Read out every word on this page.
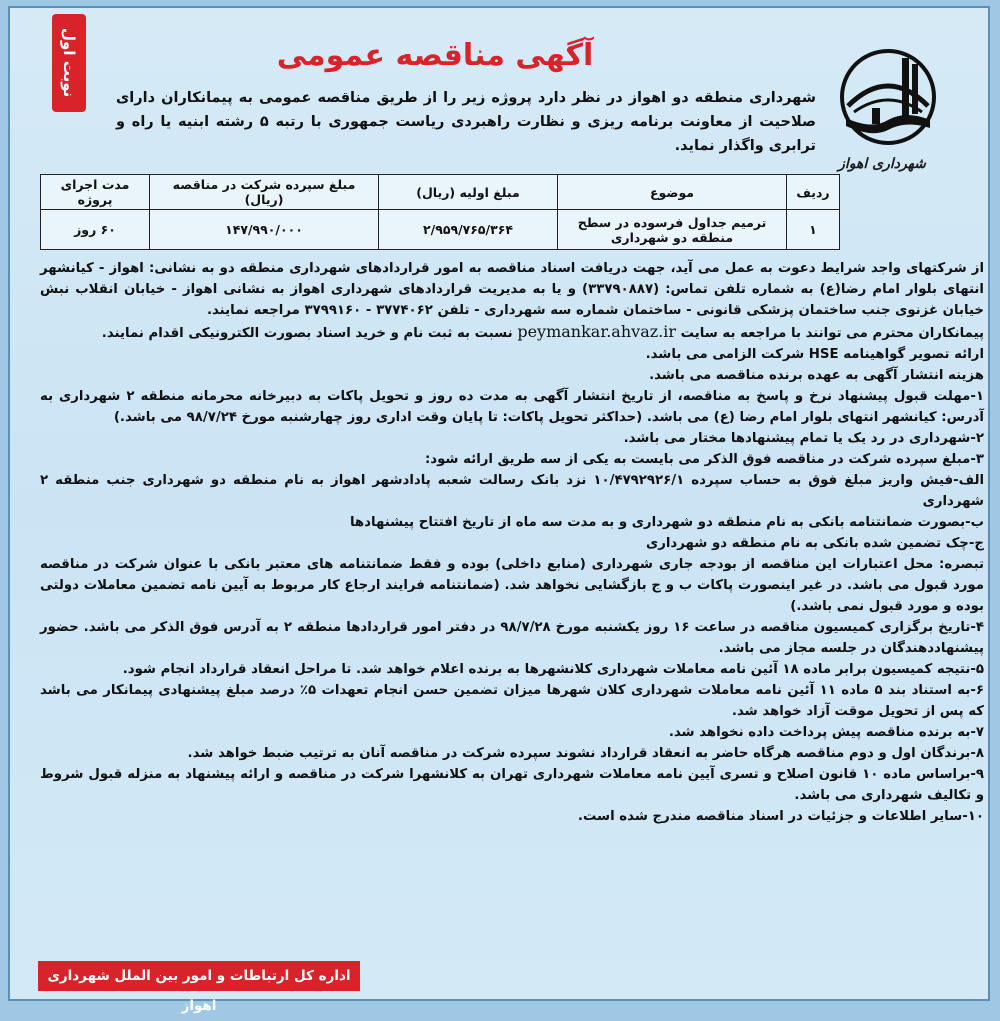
نوبت اول	آگهی مناقصه عمومی
شهرداری اهواز
شهرداری منطقه دو اهواز در نظر دارد پروژه زیر را از طریق مناقصه عمومی به پیمانکاران دارای صلاحیت از معاونت برنامه ریزی و نظارت راهبردی ریاست جمهوری با رتبه ۵ رشته ابنیه یا راه و ترابری واگذار نماید.
ردیف	موضوع	مبلغ اولیه (ریال)	مبلغ سپرده شرکت در مناقصه (ریال)	مدت اجرای پروژه
۱	ترمیم جداول فرسوده در سطح منطقه دو شهرداری	۲/۹۵۹/۷۶۵/۳۶۴	۱۴۷/۹۹۰/۰۰۰	۶۰ روز

از شرکتهای واجد شرایط دعوت به عمل می آید، جهت دریافت اسناد مناقصه به امور قراردادهای شهرداری منطقه دو به نشانی: اهواز - کیانشهر انتهای بلوار امام رضا(ع) به شماره تلفن تماس: (۳۳۷۹۰۸۸۷) و یا به مدیریت قراردادهای شهرداری اهواز به نشانی اهواز - خیابان انقلاب نبش خیابان غزنوی جنب ساختمان پزشکی قانونی - ساختمان شماره سه شهرداری - تلفن ۳۷۷۴۰۶۲ - ۳۷۹۹۱۶۰ مراجعه نمایند.

پیمانکاران محترم می توانند با مراجعه به سایت peymankar.ahvaz.ir نسبت به ثبت نام و خرید اسناد بصورت الکترونیکی اقدام نمایند.

ارائه تصویر گواهینامه HSE شرکت الزامی می باشد.

هزینه انتشار آگهی به عهده برنده مناقصه می باشد.

۱-مهلت قبول پیشنهاد نرخ و پاسخ به مناقصه، از تاریخ انتشار آگهی به مدت ده روز و تحویل پاکات به دبیرخانه محرمانه منطقه ۲ شهرداری به آدرس: کیانشهر انتهای بلوار امام رضا (ع) می باشد. (حداکثر تحویل پاکات: تا پایان وقت اداری روز چهارشنبه مورخ ۹۸/۷/۲۴ می باشد.)

۲-شهرداری در رد یک یا تمام پیشنهادها مختار می باشد.

۳-مبلغ سپرده شرکت در مناقصه فوق الذکر می بایست به یکی از سه طریق ارائه شود:

الف-فیش واریز مبلغ فوق به حساب سپرده ۱۰/۴۷۹۲۹۲۶/۱ نزد بانک رسالت شعبه پادادشهر اهواز به نام منطقه دو شهرداری جنب منطقه ۲ شهرداری

ب-بصورت ضمانتنامه بانکی به نام منطقه دو شهرداری و به مدت سه ماه از تاریخ افتتاح پیشنهادها

ج-چک تضمین شده بانکی به نام منطقه دو شهرداری

تبصره: محل اعتبارات این مناقصه از بودجه جاری شهرداری (منابع داخلی) بوده و فقط ضمانتنامه های معتبر بانکی با عنوان شرکت در مناقصه مورد قبول می باشد. در غیر اینصورت پاکات ب و ج بازگشایی نخواهد شد. (ضمانتنامه فرایند ارجاع کار مربوط به آیین نامه تضمین معاملات دولتی بوده و مورد قبول نمی باشد.)

۴-تاریخ برگزاری کمیسیون مناقصه در ساعت ۱۶ روز یکشنبه مورخ ۹۸/۷/۲۸ در دفتر امور قراردادها منطقه ۲ به آدرس فوق الذکر می باشد. حضور پیشنهاددهندگان در جلسه مجاز می باشد.

۵-نتیجه کمیسیون برابر ماده ۱۸ آئین نامه معاملات شهرداری کلانشهرها به برنده اعلام خواهد شد. تا مراحل انعقاد قرارداد انجام شود.

۶-به استناد بند ۵ ماده ۱۱ آئین نامه معاملات شهرداری کلان شهرها میزان تضمین حسن انجام تعهدات ۵٪ درصد مبلغ پیشنهادی پیمانکار می باشد که پس از تحویل موقت آزاد خواهد شد.

۷-به برنده مناقصه پیش پرداخت داده نخواهد شد.

۸-برندگان اول و دوم مناقصه هرگاه حاضر به انعقاد قرارداد نشوند سپرده شرکت در مناقصه آنان به ترتیب ضبط خواهد شد.

۹-براساس ماده ۱۰ قانون اصلاح و تسری آیین نامه معاملات شهرداری تهران به کلانشهرا شرکت در مناقصه و ارائه پیشنهاد به منزله قبول شروط و تکالیف شهرداری می باشد.

۱۰-سایر اطلاعات و جزئیات در اسناد مناقصه مندرج شده است.

اداره کل ارتباطات و امور بین الملل شهرداری اهواز
